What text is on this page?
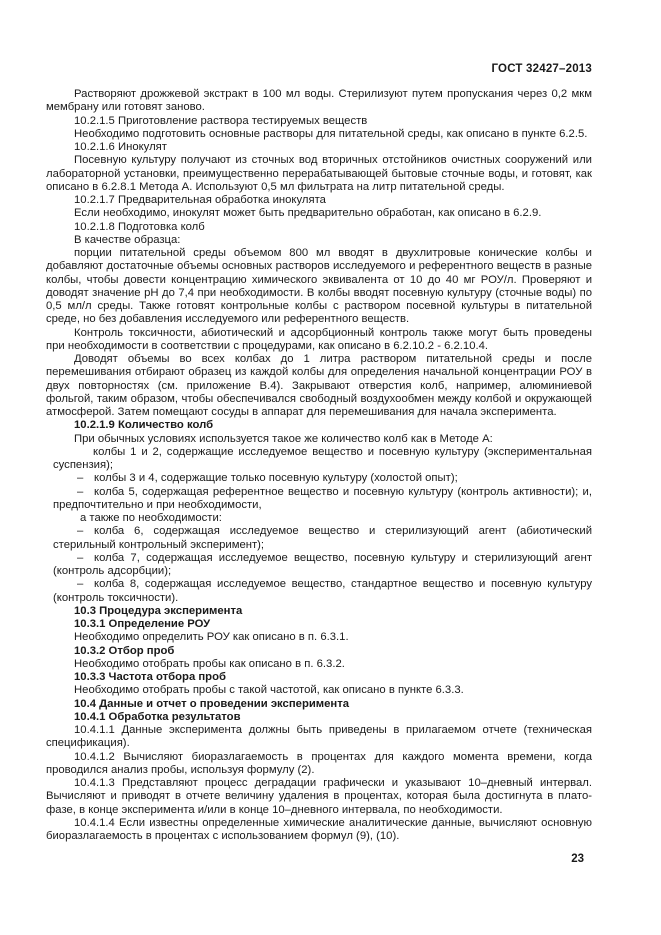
ГОСТ 32427–2013
Растворяют дрожжевой экстракт в 100 мл воды. Стерилизуют путем пропускания через 0,2 мкм мембрану или готовят заново.
10.2.1.5 Приготовление раствора тестируемых веществ
Необходимо подготовить основные растворы для питательной среды, как описано в пункте 6.2.5.
10.2.1.6 Инокулят
Посевную культуру получают из сточных вод вторичных отстойников очистных сооружений или лабораторной установки, преимущественно перерабатывающей бытовые сточные воды, и готовят, как описано в 6.2.8.1 Метода А. Используют 0,5 мл фильтрата на литр питательной среды.
10.2.1.7 Предварительная обработка инокулята
Если необходимо, инокулят может быть предварительно обработан, как описано в 6.2.9.
10.2.1.8 Подготовка колб
В качестве образца:
порции питательной среды объемом 800 мл вводят в двухлитровые конические колбы и добавляют достаточные объемы основных растворов исследуемого и референтного веществ в разные колбы, чтобы довести концентрацию химического эквивалента от 10 до 40 мг РОУ/л. Проверяют и доводят значение pH до 7,4 при необходимости. В колбы вводят посевную культуру (сточные воды) по 0,5 мл/л среды. Также готовят контрольные колбы с раствором посевной культуры в питательной среде, но без добавления исследуемого или референтного веществ.
Контроль токсичности, абиотический и адсорбционный контроль также могут быть проведены при необходимости в соответствии с процедурами, как описано в 6.2.10.2 - 6.2.10.4.
Доводят объемы во всех колбах до 1 литра раствором питательной среды и после перемешивания отбирают образец из каждой колбы для определения начальной концентрации РОУ в двух повторностях (см. приложение В.4). Закрывают отверстия колб, например, алюминиевой фольгой, таким образом, чтобы обеспечивался свободный воздухообмен между колбой и окружающей атмосферой. Затем помещают сосуды в аппарат для перемешивания для начала эксперимента.
10.2.1.9 Количество колб
При обычных условиях используется такое же количество колб как в Методе А:
колбы 1 и 2, содержащие исследуемое вещество и посевную культуру (экспериментальная суспензия);
– колбы 3 и 4, содержащие только посевную культуру (холостой опыт);
– колба 5, содержащая референтное вещество и посевную культуру (контроль активности); и, предпочтительно и при необходимости,
а также по необходимости:
– колба 6, содержащая исследуемое вещество и стерилизующий агент (абиотический стерильный контрольный эксперимент);
– колба 7, содержащая исследуемое вещество, посевную культуру и стерилизующий агент (контроль адсорбции);
– колба 8, содержащая исследуемое вещество, стандартное вещество и посевную культуру (контроль токсичности).
10.3 Процедура эксперимента
10.3.1 Определение РОУ
Необходимо определить РОУ как описано в п. 6.3.1.
10.3.2 Отбор проб
Необходимо отобрать пробы как описано в п. 6.3.2.
10.3.3 Частота отбора проб
Необходимо отобрать пробы с такой частотой, как описано в пункте 6.3.3.
10.4 Данные и отчет о проведении эксперимента
10.4.1 Обработка результатов
10.4.1.1 Данные эксперимента должны быть приведены в прилагаемом отчете (техническая спецификация).
10.4.1.2 Вычисляют биоразлагаемость в процентах для каждого момента времени, когда проводился анализ пробы, используя формулу (2).
10.4.1.3 Представляют процесс деградации графически и указывают 10–дневный интервал. Вычисляют и приводят в отчете величину удаления в процентах, которая была достигнута в плато-фазе, в конце эксперимента и/или в конце 10–дневного интервала, по необходимости.
10.4.1.4 Если известны определенные химические аналитические данные, вычисляют основную биоразлагаемость в процентах с использованием формул (9), (10).
23
